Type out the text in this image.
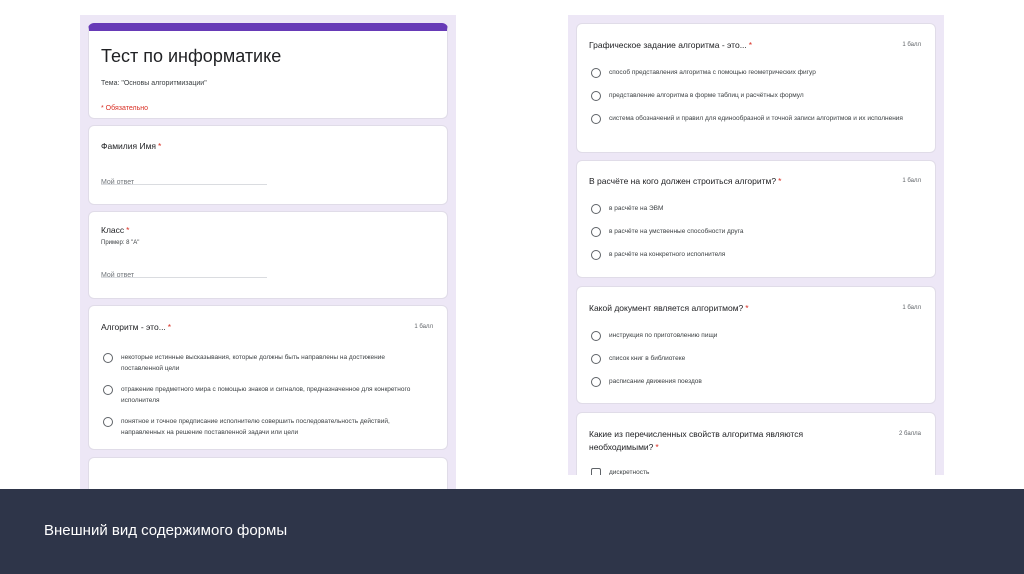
Тест по информатике
Тема: "Основы алгоритмизации"
* Обязательно
Фамилия Имя *
Мой ответ
Класс *
Пример: 8 "А"
Мой ответ
Алгоритм - это... *	1 балл
некоторые истинные высказывания, которые должны быть направлены на достижение поставленной цели
отражение предметного мира с помощью знаков и сигналов, предназначенное для конкретного исполнителя
понятное и точное предписание исполнителю совершить последовательность действий, направленных на решение поставленной задачи или цели
Графическое задание алгоритма - это... *	1 балл
способ представления алгоритма с помощью геометрических фигур
представление алгоритма в форме таблиц и расчётных формул
система обозначений и правил для единообразной и точной записи алгоритмов и их исполнения
В расчёте на кого должен строиться алгоритм? *	1 балл
в расчёте на ЭВМ
в расчёте на умственные способности друга
в расчёте на конкретного исполнителя
Какой документ является алгоритмом? *	1 балл
инструкция по приготовлению пищи
список книг в библиотеке
расписание движения поездов
Какие из перечисленных свойств алгоритма являются необходимыми? *
2 балла
дискретность
Внешний вид содержимого формы
